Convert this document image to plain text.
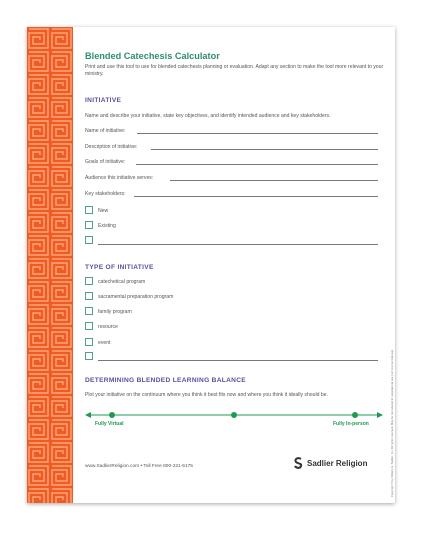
Blended Catechesis Calculator
Print and use this tool to use for blended catechesis planning or evaluation. Adapt any section to make the tool more relevant to your ministry.
INITIATIVE
Name and describe your initiative, state key objectives, and identify intended audience and key stakeholders.
Name of initiative:
Description of initiative:
Goals of initiative:
Audience this initiative serves:
Key stakeholders:
New
Existing
TYPE OF INITIATIVE
catechetical program
sacramental preparation program
family program
resource
event
DETERMINING BLENDED LEARNING BALANCE
Plot your initiative on the continuum where you think it best fits now and where you think it ideally should be.
Fully Virtual	Fully In-person
www.SadlierReligion.com • Toll Free 800-221-5175	Sadlier Religion	Copyright © by William H. Sadlier, Inc. All rights reserved. May be reproduced for educational use (not commercial use).
